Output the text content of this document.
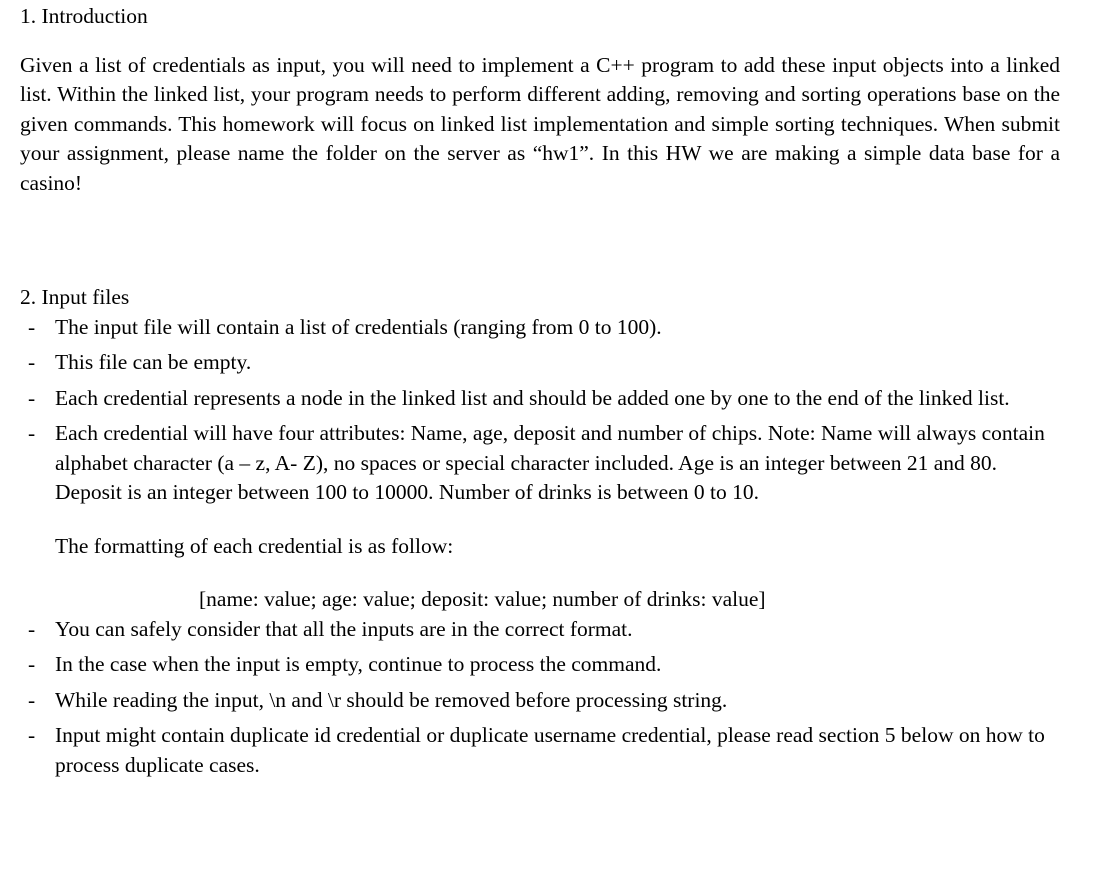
1. Introduction

Given a list of credentials as input, you will need to implement a C++ program to add these input objects into a linked list. Within the linked list, your program needs to perform different adding, removing and sorting operations base on the given commands. This homework will focus on linked list implementation and simple sorting techniques. When submit your assignment, please name the folder on the server as “hw1”. In this HW we are making a simple data base for a casino!

2. Input files
- The input file will contain a list of credentials (ranging from 0 to 100).
- This file can be empty.
- Each credential represents a node in the linked list and should be added one by one to the end of the linked list.
- Each credential will have four attributes: Name, age, deposit and number of chips. Note: Name will always contain alphabet character (a – z, A- Z), no spaces or special character included. Age is an integer between 21 and 80. Deposit is an integer between 100 to 10000. Number of drinks is between 0 to 10.
The formatting of each credential is as follow:
[name: value; age: value; deposit: value; number of drinks: value]
- You can safely consider that all the inputs are in the correct format.
- In the case when the input is empty, continue to process the command.
- While reading the input, \n and \r should be removed before processing string.
- Input might contain duplicate id credential or duplicate username credential, please read section 5 below on how to process duplicate cases.
